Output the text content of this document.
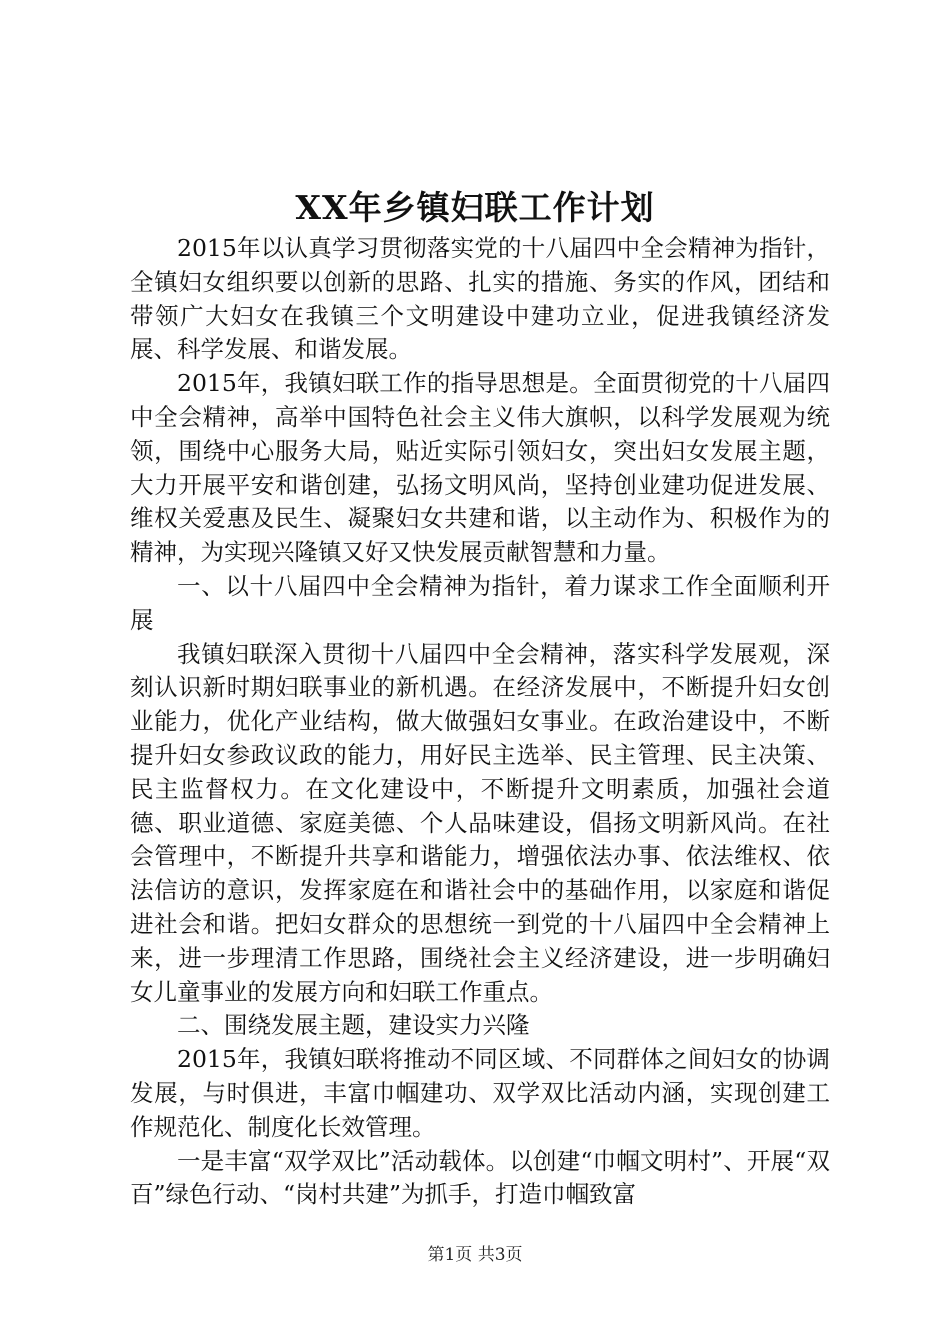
XX年乡镇妇联工作计划

2015年以认真学习贯彻落实党的十八届四中全会精神为指针，全镇妇女组织要以创新的思路、扎实的措施、务实的作风，团结和带领广大妇女在我镇三个文明建设中建功立业，促进我镇经济发展、科学发展、和谐发展。

2015年，我镇妇联工作的指导思想是。全面贯彻党的十八届四中全会精神，高举中国特色社会主义伟大旗帜，以科学发展观为统领，围绕中心服务大局，贴近实际引领妇女，突出妇女发展主题，大力开展平安和谐创建，弘扬文明风尚，坚持创业建功促进发展、维权关爱惠及民生、凝聚妇女共建和谐，以主动作为、积极作为的精神，为实现兴隆镇又好又快发展贡献智慧和力量。

一、以十八届四中全会精神为指针，着力谋求工作全面顺利开展

我镇妇联深入贯彻十八届四中全会精神，落实科学发展观，深刻认识新时期妇联事业的新机遇。在经济发展中，不断提升妇女创业能力，优化产业结构，做大做强妇女事业。在政治建设中，不断提升妇女参政议政的能力，用好民主选举、民主管理、民主决策、民主监督权力。在文化建设中，不断提升文明素质，加强社会道德、职业道德、家庭美德、个人品味建设，倡扬文明新风尚。在社会管理中，不断提升共享和谐能力，增强依法办事、依法维权、依法信访的意识，发挥家庭在和谐社会中的基础作用，以家庭和谐促进社会和谐。把妇女群众的思想统一到党的十八届四中全会精神上来，进一步理清工作思路，围绕社会主义经济建设，进一步明确妇女儿童事业的发展方向和妇联工作重点。

二、围绕发展主题，建设实力兴隆

2015年，我镇妇联将推动不同区域、不同群体之间妇女的协调发展，与时俱进，丰富巾帼建功、双学双比活动内涵，实现创建工作规范化、制度化长效管理。

一是丰富“双学双比”活动载体。以创建“巾帼文明村”、开展“双百”绿色行动、“岗村共建”为抓手，打造巾帼致富

第1页 共3页
